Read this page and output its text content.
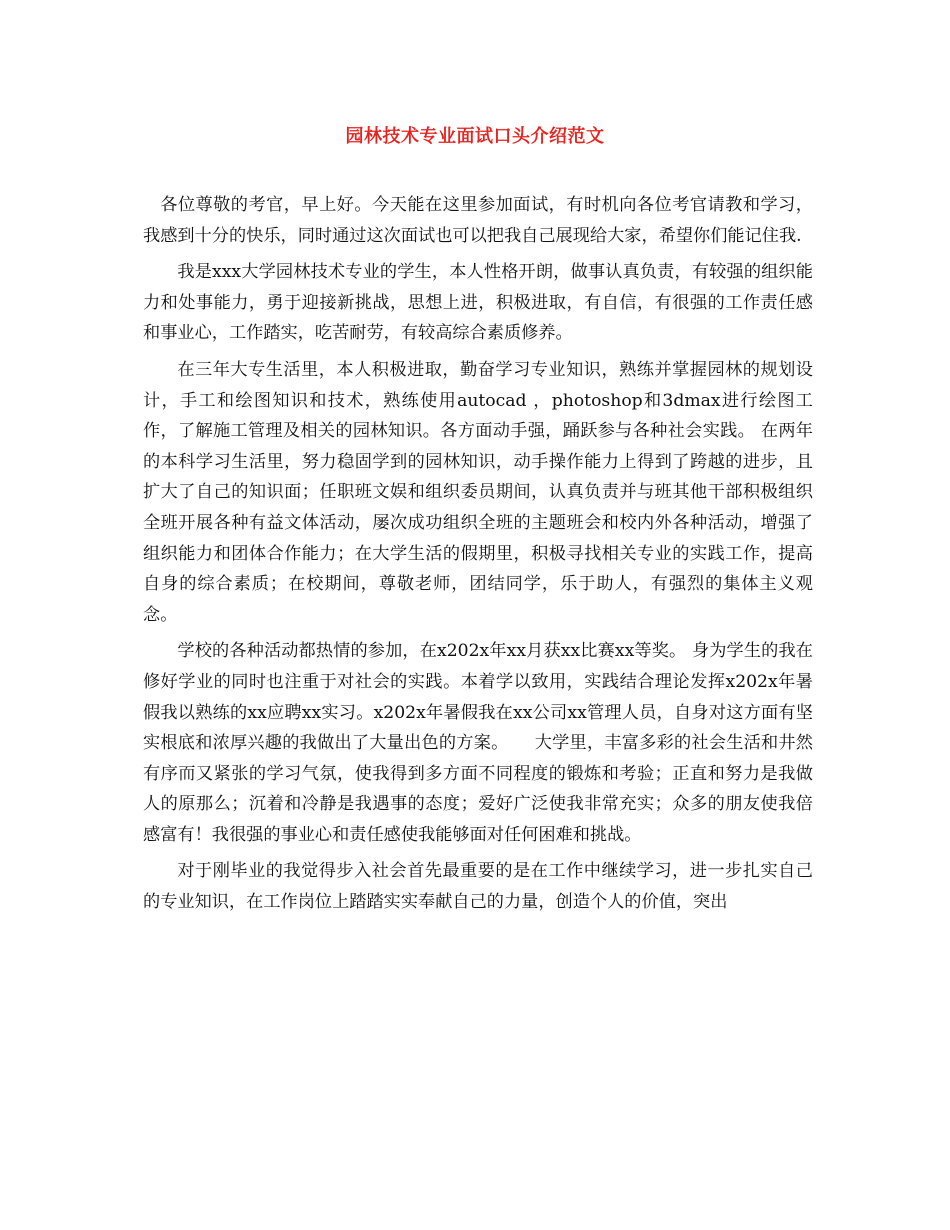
园林技术专业面试口头介绍范文

各位尊敬的考官，早上好。今天能在这里参加面试，有时机向各位考官请教和学习，我感到十分的快乐，同时通过这次面试也可以把我自己展现给大家，希望你们能记住我.

我是xxx大学园林技术专业的学生，本人性格开朗，做事认真负责，有较强的组织能力和处事能力，勇于迎接新挑战，思想上进，积极进取，有自信，有很强的工作责任感和事业心，工作踏实，吃苦耐劳，有较高综合素质修养。

在三年大专生活里，本人积极进取，勤奋学习专业知识，熟练并掌握园林的规划设计，手工和绘图知识和技术，熟练使用autocad ，photoshop和3dmax进行绘图工作，了解施工管理及相关的园林知识。各方面动手强，踊跃参与各种社会实践。 在两年的本科学习生活里，努力稳固学到的园林知识，动手操作能力上得到了跨越的进步，且扩大了自己的知识面；任职班文娱和组织委员期间，认真负责并与班其他干部积极组织全班开展各种有益文体活动，屡次成功组织全班的主题班会和校内外各种活动，增强了组织能力和团体合作能力；在大学生活的假期里，积极寻找相关专业的实践工作，提高自身的综合素质；在校期间，尊敬老师，团结同学，乐于助人，有强烈的集体主义观念。

学校的各种活动都热情的参加，在x202x年xx月获xx比赛xx等奖。 身为学生的我在修好学业的同时也注重于对社会的实践。本着学以致用，实践结合理论发挥x202x年暑假我以熟练的xx应聘xx实习。x202x年暑假我在xx公司xx管理人员，自身对这方面有坚实根底和浓厚兴趣的我做出了大量出色的方案。　　大学里，丰富多彩的社会生活和井然有序而又紧张的学习气氛，使我得到多方面不同程度的锻炼和考验；正直和努力是我做人的原那么；沉着和冷静是我遇事的态度；爱好广泛使我非常充实；众多的朋友使我倍感富有！我很强的事业心和责任感使我能够面对任何困难和挑战。

对于刚毕业的我觉得步入社会首先最重要的是在工作中继续学习，进一步扎实自己的专业知识，在工作岗位上踏踏实实奉献自己的力量，创造个人的价值，突出
